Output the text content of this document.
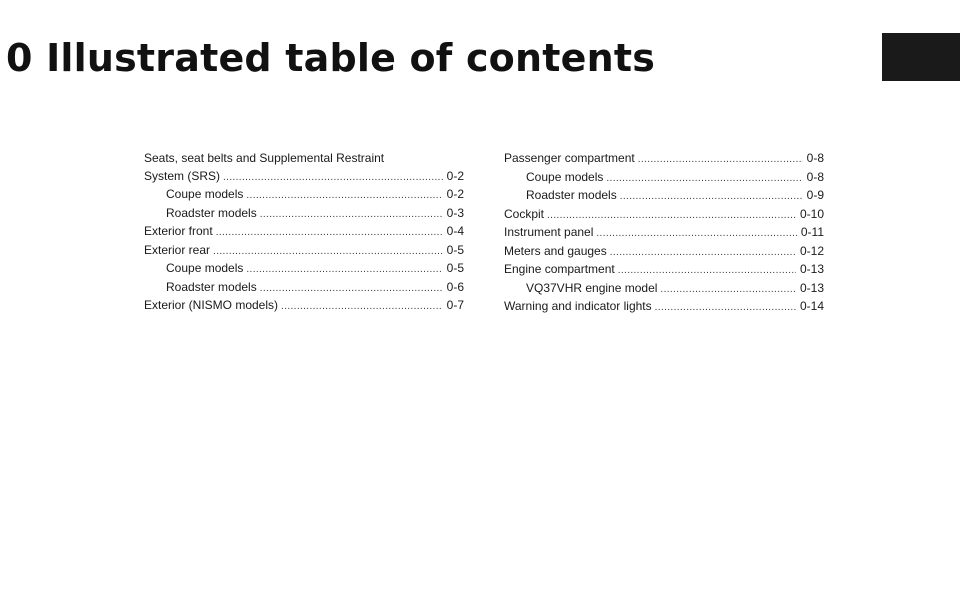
0 Illustrated table of contents
Seats, seat belts and Supplemental Restraint
System (SRS) . . .	0-2
Coupe models . . .	0-2
Roadster models . . .	0-3
Exterior front . . .	0-4
Exterior rear . . .	0-5
Coupe models . . .	0-5
Roadster models . . .	0-6
Exterior (NISMO models) . . .	0-7
Passenger compartment . . .	0-8
Coupe models . . .	0-8
Roadster models . . .	0-9
Cockpit . . .	0-10
Instrument panel . . .	0-11
Meters and gauges . . .	0-12
Engine compartment . . .	0-13
VQ37VHR engine model . . .	0-13
Warning and indicator lights . . .	0-14
